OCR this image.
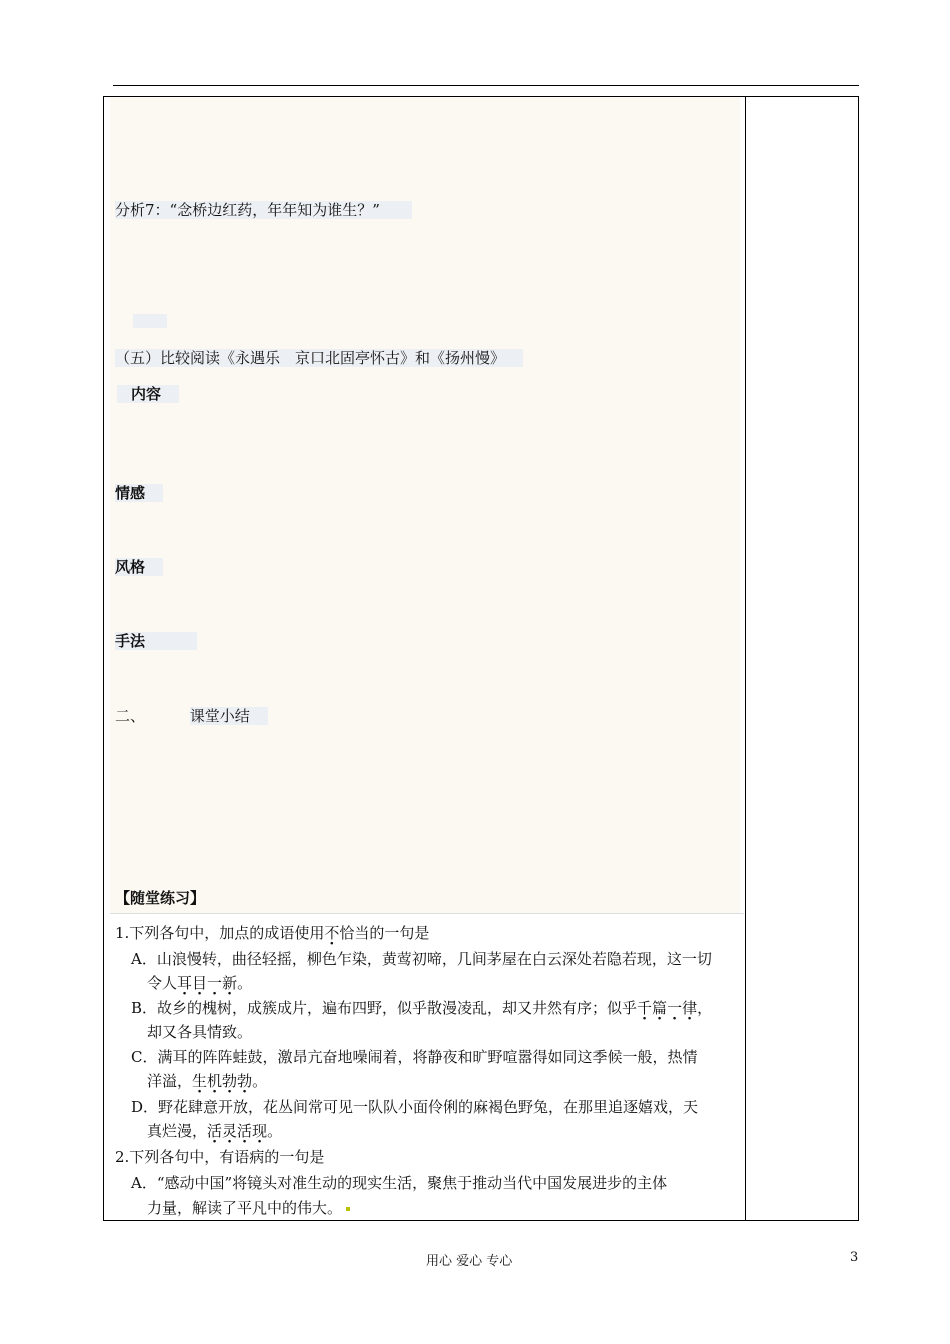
分析7：“念桥边红药，年年知为谁生？”
（五）比较阅读《永遇乐　京口北固亭怀古》和《扬州慢》
内容
情感
风格
手法
二、	课堂小结
【随堂练习】
1.下列各句中，加点的成语使用不恰当的一句是
A．山浪慢转，曲径轻摇，柳色乍染，黄莺初啼，几间茅屋在白云深处若隐若现，这一切
令人耳目一新。
B．故乡的槐树，成簇成片，遍布四野，似乎散漫凌乱，却又井然有序；似乎千篇一律，
却又各具情致。
C．满耳的阵阵蛙鼓，激昂亢奋地噪闹着，将静夜和旷野喧嚣得如同这季候一般，热情
洋溢，生机勃勃。
D．野花肆意开放，花丛间常可见一队队小面伶俐的麻褐色野兔，在那里追逐嬉戏，天
真烂漫，活灵活现。
2.下列各句中，有语病的一句是
A．“感动中国”将镜头对准生动的现实生活，聚焦于推动当代中国发展进步的主体
力量，解读了平凡中的伟大。
用心 爱心 专心	3
